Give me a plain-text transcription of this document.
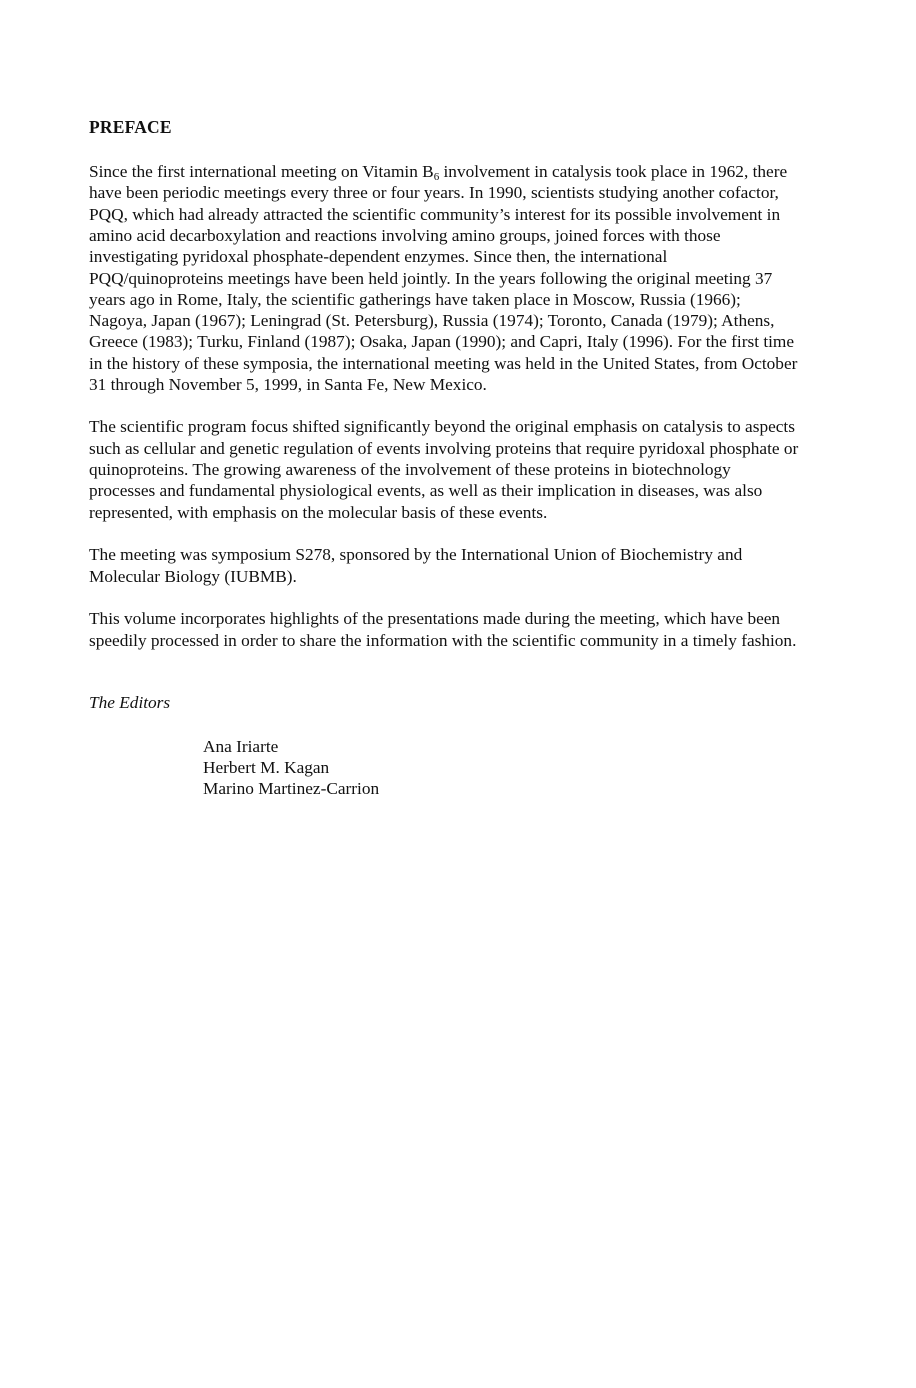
PREFACE

Since the first international meeting on Vitamin $B_6$ involvement in catalysis took place in 1962, there

have been periodic meetings every three or four years. In 1990, scientists studying another cofactor,

PQQ, which had already attracted the scientific community’s interest for its possible involvement in

amino acid decarboxylation and reactions involving amino groups, joined forces with those

investigating pyridoxal phosphate-dependent enzymes. Since then, the international

PQQ/quinoproteins meetings have been held jointly. In the years following the original meeting 37

years ago in Rome, Italy, the scientific gatherings have taken place in Moscow, Russia (1966);

Nagoya, Japan (1967); Leningrad (St. Petersburg), Russia (1974); Toronto, Canada (1979); Athens,

Greece (1983); Turku, Finland (1987); Osaka, Japan (1990); and Capri, Italy (1996). For the first time

in the history of these symposia, the international meeting was held in the United States, from October

31 through November 5, 1999, in Santa Fe, New Mexico.

The scientific program focus shifted significantly beyond the original emphasis on catalysis to aspects

such as cellular and genetic regulation of events involving proteins that require pyridoxal phosphate or

quinoproteins. The growing awareness of the involvement of these proteins in biotechnology

processes and fundamental physiological events, as well as their implication in diseases, was also

represented, with emphasis on the molecular basis of these events.

The meeting was symposium S278, sponsored by the International Union of Biochemistry and

Molecular Biology (IUBMB).

This volume incorporates highlights of the presentations made during the meeting, which have been

speedily processed in order to share the information with the scientific community in a timely fashion.

The Editors

Ana Iriarte

Herbert M. Kagan

Marino Martinez-Carrion
